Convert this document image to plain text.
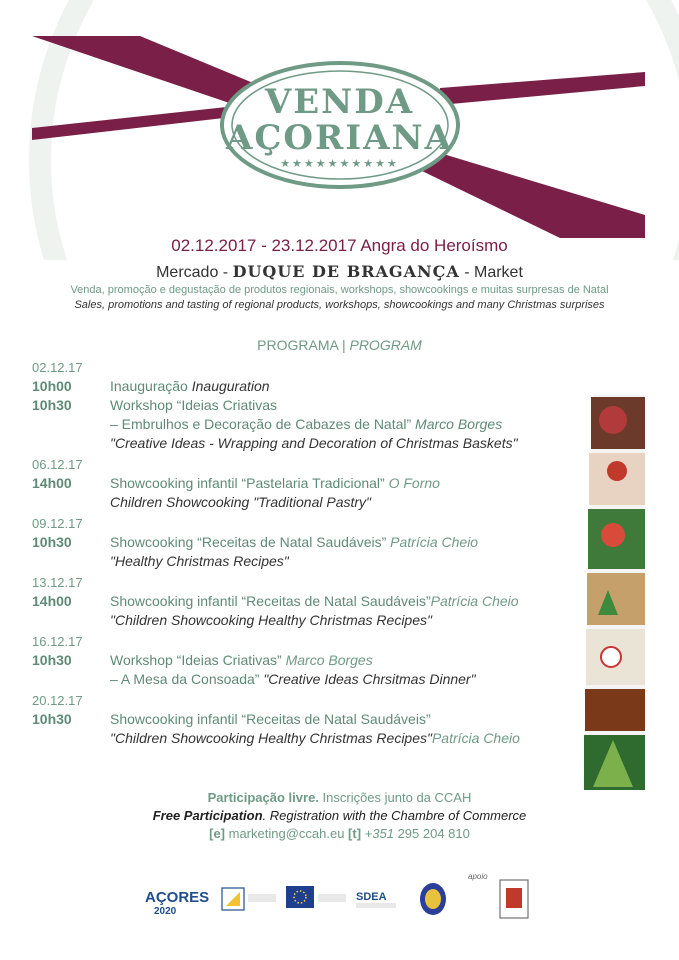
VENDA
AÇORIANA
★★★★★★★★★★
02.12.2017 - 23.12.2017 Angra do Heroísmo
Mercado - DUQUE DE BRAGANÇA - Market
Venda, promoção e degustação de produtos regionais, workshops, showcookings e muitas surpresas de Natal
Sales, promotions and tasting of regional products, workshops, showcookings and many Christmas surprises
PROGRAMA | PROGRAM
02.12.17
10h00	Inauguração Inauguration
10h30	Workshop “Ideias Criativas
– Embrulhos e Decoração de Cabazes de Natal” Marco Borges
"Creative Ideas - Wrapping and Decoration of Christmas Baskets"
06.12.17
14h00	Showcooking infantil “Pastelaria Tradicional” O Forno
Children Showcooking "Traditional Pastry"
09.12.17
10h30	Showcooking “Receitas de Natal Saudáveis” Patrícia Cheio
"Healthy Christmas Recipes"
13.12.17
14h00	Showcooking infantil “Receitas de Natal Saudáveis”Patrícia Cheio
"Children Showcooking Healthy Christmas Recipes"
16.12.17
10h30	Workshop “Ideias Criativas” Marco Borges
– A Mesa da Consoada” "Creative Ideas Chrsitmas Dinner"
20.12.17
10h30	Showcooking infantil “Receitas de Natal Saudáveis”
"Children Showcooking Healthy Christmas Recipes"Patrícia Cheio
Participação livre. Inscrições junto da CCAH
Free Participation. Registration with the Chambre of Commerce
[e] marketing@ccah.eu [t] +351 295 204 810
apoio
AÇORES
2020
SDEA
